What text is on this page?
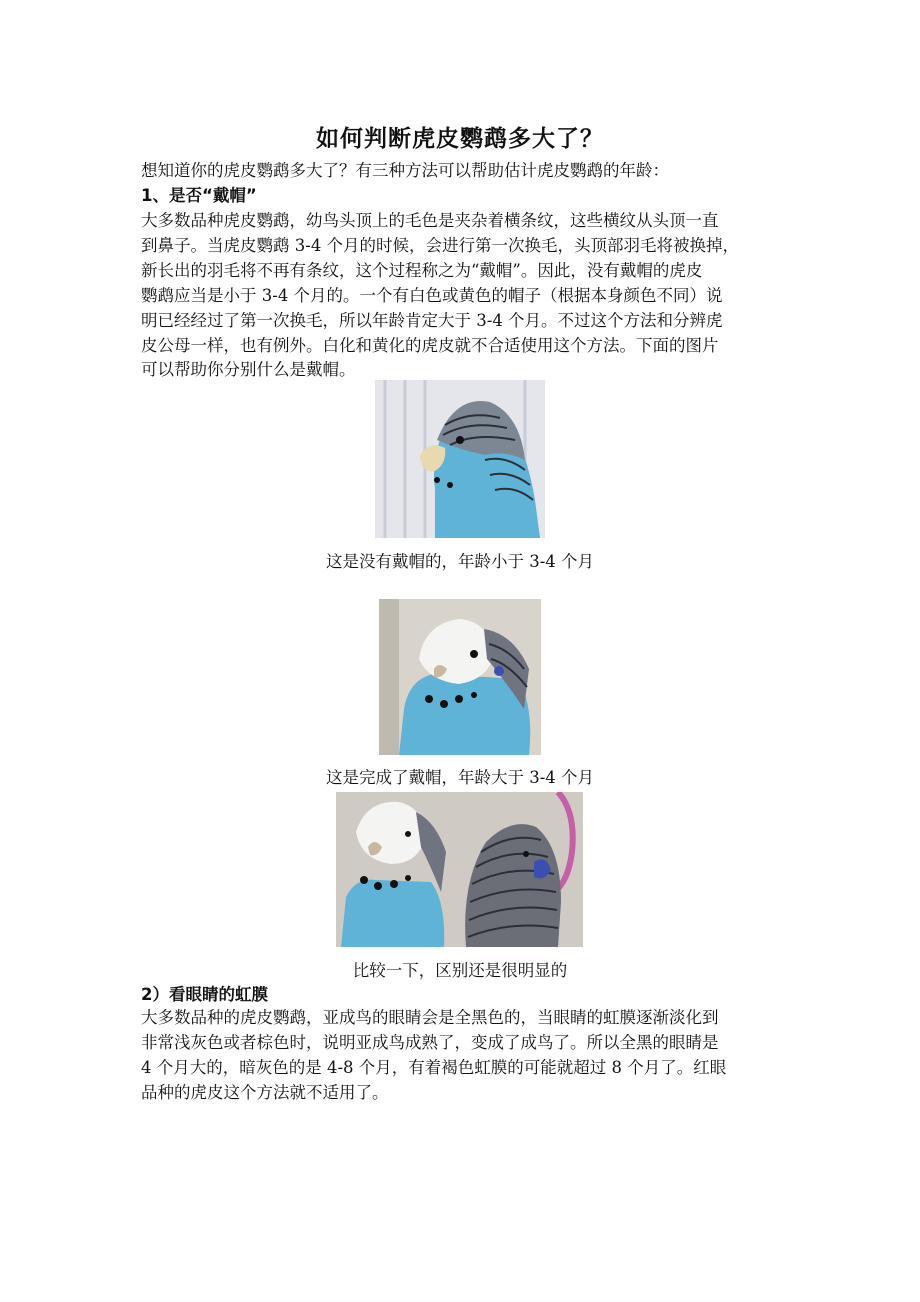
如何判断虎皮鹦鹉多大了？
想知道你的虎皮鹦鹉多大了？有三种方法可以帮助估计虎皮鹦鹉的年龄：
1、是否“戴帽”
大多数品种虎皮鹦鹉，幼鸟头顶上的毛色是夹杂着横条纹，这些横纹从头顶一直
到鼻子。当虎皮鹦鹉 3-4 个月的时候，会进行第一次换毛，头顶部羽毛将被换掉，
新长出的羽毛将不再有条纹，这个过程称之为“戴帽”。因此，没有戴帽的虎皮
鹦鹉应当是小于 3-4 个月的。一个有白色或黄色的帽子（根据本身颜色不同）说
明已经经过了第一次换毛，所以年龄肯定大于 3-4 个月。不过这个方法和分辨虎
皮公母一样，也有例外。白化和黄化的虎皮就不合适使用这个方法。下面的图片
可以帮助你分别什么是戴帽。
这是没有戴帽的，年龄小于 3-4 个月
这是完成了戴帽，年龄大于 3-4 个月
比较一下，区别还是很明显的
2）看眼睛的虹膜
大多数品种的虎皮鹦鹉，亚成鸟的眼睛会是全黑色的，当眼睛的虹膜逐渐淡化到
非常浅灰色或者棕色时，说明亚成鸟成熟了，变成了成鸟了。所以全黑的眼睛是
4 个月大的，暗灰色的是 4-8 个月，有着褐色虹膜的可能就超过 8 个月了。红眼
品种的虎皮这个方法就不适用了。
